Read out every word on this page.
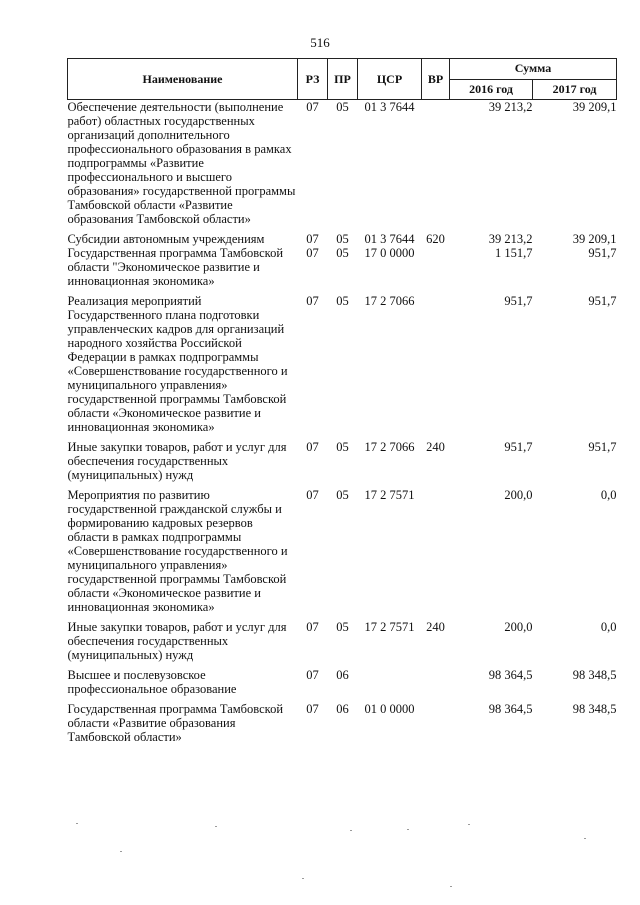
516
Наименование	РЗ	ПР	ЦСР	ВР	Сумма	
					2016 год	2017 год
Обеспечение деятельности (выполнение работ) областных государственных организаций дополнительного профессионального образования в рамках подпрограммы «Развитие профессионального и высшего образования» государственной программы Тамбовской области «Развитие образования Тамбовской области»	07	05	01 3 7644		39 213,2	39 209,1

Субсидии автономным учреждениям	07	05	01 3 7644	620	39 213,2	39 209,1
Государственная программа Тамбовской области "Экономическое развитие и инновационная экономика»	07	05	17 0 0000		1 151,7	951,7

Реализация мероприятий Государственного плана подготовки управленческих кадров для организаций народного хозяйства Российской Федерации в рамках подпрограммы «Совершенствование государственного и муниципального управления» государственной программы Тамбовской области «Экономическое развитие и инновационная экономика»	07	05	17 2 7066		951,7	951,7

Иные закупки товаров, работ и услуг для обеспечения государственных (муниципальных) нужд	07	05	17 2 7066	240	951,7	951,7

Мероприятия по развитию государственной гражданской службы и формированию кадровых резервов области в рамках подпрограммы «Совершенствование государственного и муниципального управления» государственной программы Тамбовской области «Экономическое развитие и инновационная экономика»	07	05	17 2 7571		200,0	0,0

Иные закупки товаров, работ и услуг для обеспечения государственных (муниципальных) нужд	07	05	17 2 7571	240	200,0	0,0

Высшее и послевузовское профессиональное образование	07	06			98 364,5	98 348,5

Государственная программа Тамбовской области «Развитие образования Тамбовской области»	07	06	01 0 0000		98 364,5	98 348,5
